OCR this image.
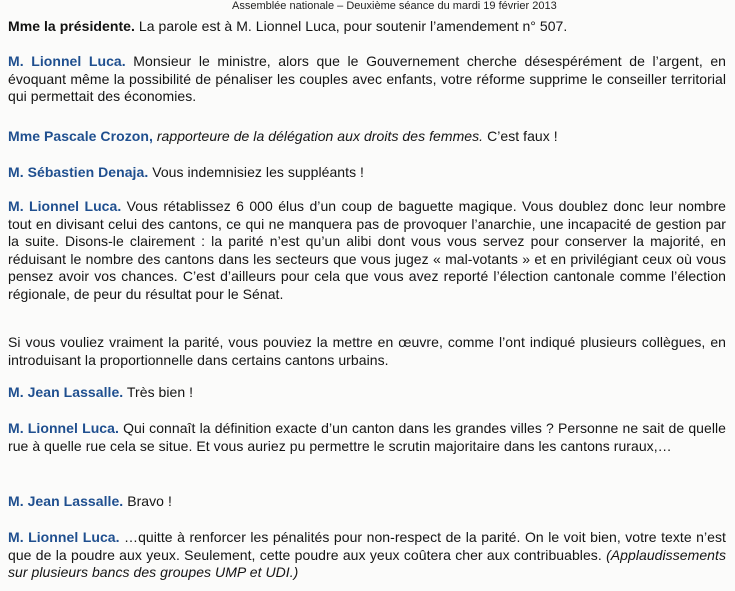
Assemblée nationale – Deuxième séance du mardi 19 février 2013

Mme la présidente. La parole est à M. Lionnel Luca, pour soutenir l’amendement n° 507.

M. Lionnel Luca. Monsieur le ministre, alors que le Gouvernement cherche désespérément de l’argent, en évoquant même la possibilité de pénaliser les couples avec enfants, votre réforme supprime le conseiller territorial qui permettait des économies.

Mme Pascale Crozon, rapporteure de la délégation aux droits des femmes. C’est faux !

M. Sébastien Denaja. Vous indemnisiez les suppléants !

M. Lionnel Luca. Vous rétablissez 6 000 élus d’un coup de baguette magique. Vous doublez donc leur nombre tout en divisant celui des cantons, ce qui ne manquera pas de provoquer l’anarchie, une incapacité de gestion par la suite. Disons-le clairement : la parité n’est qu’un alibi dont vous vous servez pour conserver la majorité, en réduisant le nombre des cantons dans les secteurs que vous jugez « mal-votants » et en privilégiant ceux où vous pensez avoir vos chances. C’est d’ailleurs pour cela que vous avez reporté l’élection cantonale comme l’élection régionale, de peur du résultat pour le Sénat.

Si vous vouliez vraiment la parité, vous pouviez la mettre en œuvre, comme l’ont indiqué plusieurs collègues, en introduisant la proportionnelle dans certains cantons urbains.

M. Jean Lassalle. Très bien !

M. Lionnel Luca. Qui connaît la définition exacte d’un canton dans les grandes villes ? Personne ne sait de quelle rue à quelle rue cela se situe. Et vous auriez pu permettre le scrutin majoritaire dans les cantons ruraux,…

M. Jean Lassalle. Bravo !

M. Lionnel Luca. …quitte à renforcer les pénalités pour non-respect de la parité. On le voit bien, votre texte n’est que de la poudre aux yeux. Seulement, cette poudre aux yeux coûtera cher aux contribuables. (Applaudissements sur plusieurs bancs des groupes UMP et UDI.)
